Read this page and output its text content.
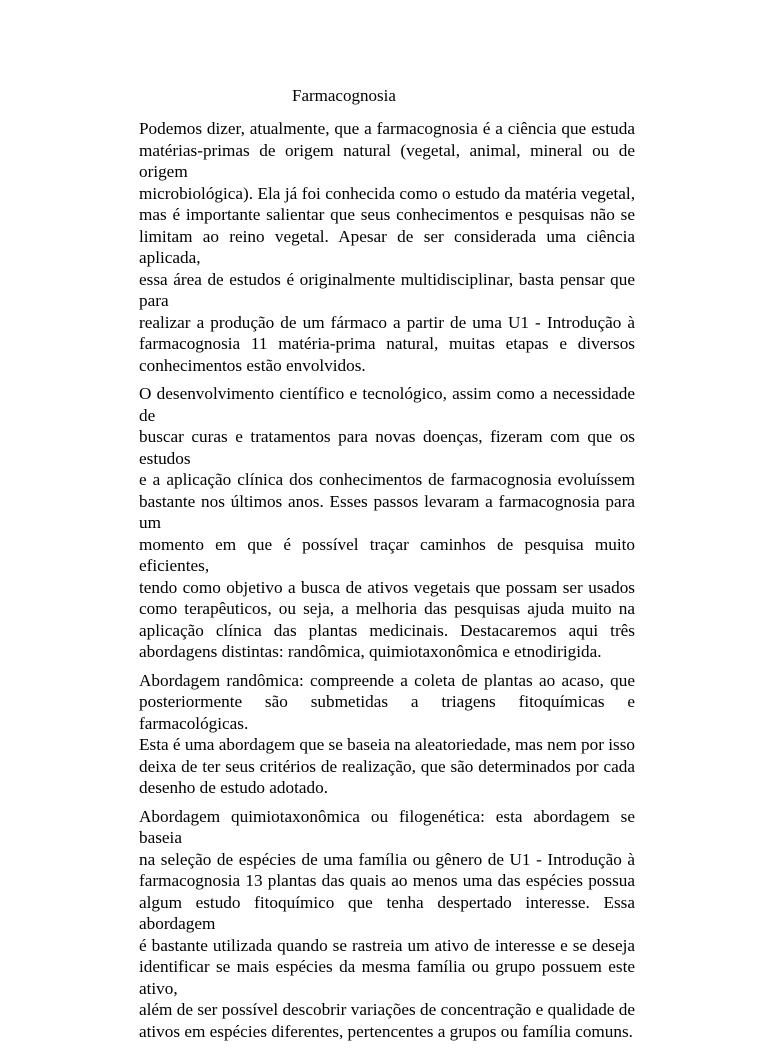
Farmacognosia

Podemos dizer, atualmente, que a farmacognosia é a ciência que estuda
matérias-primas de origem natural (vegetal, animal, mineral ou de origem
microbiológica). Ela já foi conhecida como o estudo da matéria vegetal,
mas é importante salientar que seus conhecimentos e pesquisas não se
limitam ao reino vegetal. Apesar de ser considerada uma ciência aplicada,
essa área de estudos é originalmente multidisciplinar, basta pensar que para
realizar a produção de um fármaco a partir de uma U1 - Introdução à
farmacognosia 11 matéria-prima natural, muitas etapas e diversos
conhecimentos estão envolvidos.

O desenvolvimento científico e tecnológico, assim como a necessidade de
buscar curas e tratamentos para novas doenças, fizeram com que os estudos
e a aplicação clínica dos conhecimentos de farmacognosia evoluíssem
bastante nos últimos anos. Esses passos levaram a farmacognosia para um
momento em que é possível traçar caminhos de pesquisa muito eficientes,
tendo como objetivo a busca de ativos vegetais que possam ser usados
como terapêuticos, ou seja, a melhoria das pesquisas ajuda muito na
aplicação clínica das plantas medicinais. Destacaremos aqui três
abordagens distintas: randômica, quimiotaxonômica e etnodirigida.

Abordagem randômica: compreende a coleta de plantas ao acaso, que
posteriormente são submetidas a triagens fitoquímicas e farmacológicas.
Esta é uma abordagem que se baseia na aleatoriedade, mas nem por isso
deixa de ter seus critérios de realização, que são determinados por cada
desenho de estudo adotado.

Abordagem quimiotaxonômica ou filogenética: esta abordagem se baseia
na seleção de espécies de uma família ou gênero de U1 - Introdução à
farmacognosia 13 plantas das quais ao menos uma das espécies possua
algum estudo fitoquímico que tenha despertado interesse. Essa abordagem
é bastante utilizada quando se rastreia um ativo de interesse e se deseja
identificar se mais espécies da mesma família ou grupo possuem este ativo,
além de ser possível descobrir variações de concentração e qualidade de
ativos em espécies diferentes, pertencentes a grupos ou família comuns.
